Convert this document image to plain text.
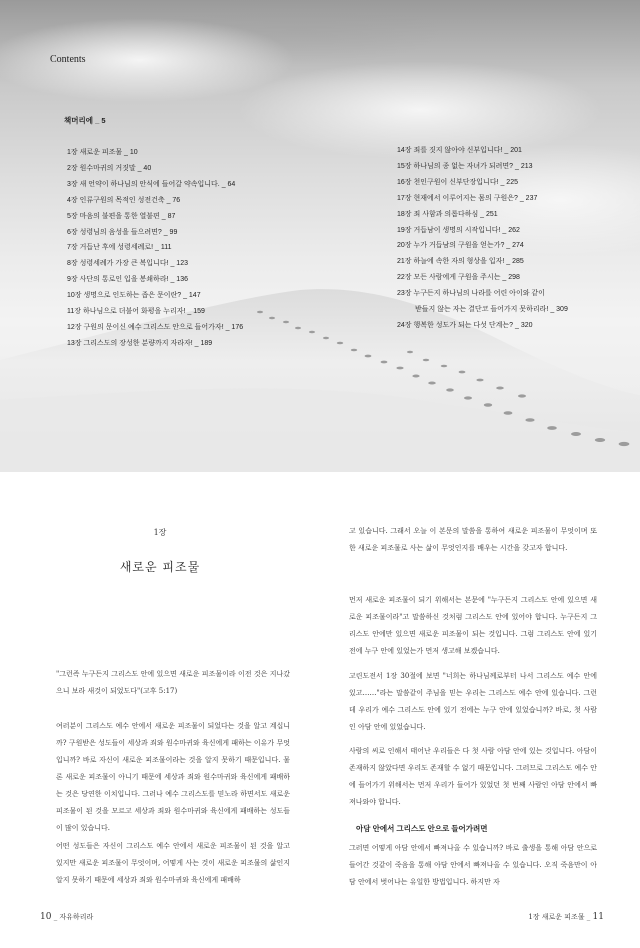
Contents
책머리에 _ 5
1장 새로운 피조물 _ 10
2장 원수마귀의 거짓말 _ 40
3장 새 언약이 하나님의 안식에 들어갈 약속입니다. _ 64
4장 인류구원의 목적인 성전건축 _ 76
5장 마음의 불편을 통한 열불편 _ 87
6장 성령님의 음성을 들으려면? _ 99
7장 거듭난 후에 성령세례로! _ 111
8장 성령세례가 가장 큰 복입니다! _ 123
9장 사단의 통로인 입을 봉쇄하라! _ 136
10장 생명으로 인도하는 좁은 문이란? _ 147
11장 하나님으로 더불어 화평을 누리자! _ 159
12장 구원의 문이신 예수 그리스도 안으로 들어가자! _ 176
13장 그리스도의 장성한 분량까지 자라자! _ 189
14장 죄를 짓지 않아야 신부입니다! _ 201
15장 하나님의 종 없는 자녀가 되려면? _ 213
16장 천인구원이 신부단장입니다! _ 225
17장 현재에서 이루어지는 몸의 구원은? _ 237
18장 죄 사함과 의롭다하심 _ 251
19장 거듭남이 생명의 시작입니다! _ 262
20장 누가 거듭남의 구원을 얻는가? _ 274
21장 하늘에 속한 자의 형상을 입자! _ 285
22장 모든 사람에게 구원을 주시는 _ 298
23장 누구든지 하나님의 나라를 어린 아이와 같이
받들지 않는 자는 결단코 들어가지 못하리라! _ 309
24장 행복한 성도가 되는 다섯 단계는? _ 320
1장
새로운 피조물

"그런즉 누구든지 그리스도 안에 있으면 새로운 피조물이라 이전 것은 지나갔으니 보라 새것이 되었도다"(고후 5:17)

여러분이 그리스도 예수 안에서 새로운 피조물이 되었다는 것을 알고 계십니까? 구원받은 성도들이 세상과 죄와 원수마귀와 육신에게 패하는 이유가 무엇입니까? 바로 자신이 새로운 피조물이라는 것을 알지 못하기 때문입니다. 물론 새로운 피조물이 아니기 때문에 세상과 죄와 원수마귀와 육신에게 패배하는 것은 당연한 이치입니다. 그러나 예수 그리스도를 믿노라 하면서도 새로운 피조물이 된 것을 모르고 세상과 죄와 원수마귀와 육신에게 패배하는 성도들이 많이 있습니다.

어떤 성도들은 자신이 그리스도 예수 안에서 새로운 피조물이 된 것을 알고 있지만 새로운 피조물이 무엇이며, 어떻게 사는 것이 새로운 피조물의 삶인지 알지 못하기 때문에 세상과 죄와 원수마귀와 육신에게 패배하

고 있습니다. 그래서 오늘 이 본문의 말씀을 통하여 새로운 피조물이 무엇이며 또한 새로운 피조물로 사는 삶이 무엇인지를 배우는 시간을 갖고자 합니다.

먼저 새로운 피조물이 되기 위해서는 본문에 "누구든지 그리스도 안에 있으면 새로운 피조물이라"고 말씀하신 것처럼 그리스도 안에 있어야 합니다. 누구든지 그리스도 안에만 있으면 새로운 피조물이 되는 것입니다. 그럼 그리스도 안에 있기 전에 누구 안에 있었는가 먼저 생고해 보겠습니다.

고린도전서 1장 30절에 보면 "너희는 하나님께로부터 나서 그리스도 예수 안에 있고……"라는 말씀같이 주님을 믿는 우리는 그리스도 예수 안에 있습니다. 그런데 우리가 예수 그리스도 안에 있기 전에는 누구 안에 있었습니까? 바로, 첫 사람인 아담 안에 있었습니다.

사람의 씨로 인해서 태어난 우리들은 다 첫 사람 아담 안에 있는 것입니다. 아담이 존재하지 않았다면 우리도 존재할 수 없기 때문입니다. 그러므로 그리스도 예수 안에 들어가기 위해서는 먼저 우리가 들어가 있었던 첫 번째 사람인 아담 안에서 빠져나와야 합니다.

아담 안에서 그리스도 안으로 들어가려면

그러면 어떻게 아담 안에서 빠져나올 수 있습니까? 바로 출생을 통해 아담 안으로 들어간 것같이 죽음을 통해 아담 안에서 빠져나올 수 있습니다. 오직 죽음만이 아담 안에서 벗어나는 유일한 방법입니다. 하지만 자

10 _ 자유하리라	1장 새로운 피조물 _ 11
